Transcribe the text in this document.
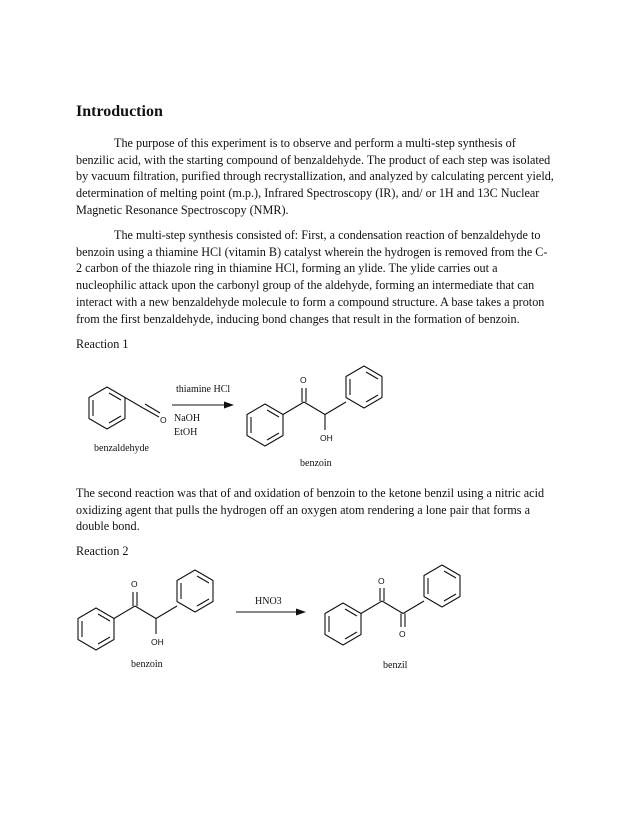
Introduction

The purpose of this experiment is to observe and perform a multi-step synthesis of
benzilic acid, with the starting compound of benzaldehyde. The product of each step was isolated
by vacuum filtration, purified through recrystallization, and analyzed by calculating percent yield,
determination of melting point (m.p.), Infrared Spectroscopy (IR), and/ or 1H and 13C Nuclear
Magnetic Resonance Spectroscopy (NMR).

The multi-step synthesis consisted of: First, a condensation reaction of benzaldehyde to
benzoin using a thiamine HCl (vitamin B) catalyst wherein the hydrogen is removed from the C-
2 carbon of the thiazole ring in thiamine HCl, forming an ylide. The ylide carries out a
nucleophilic attack upon the carbonyl group of the aldehyde, forming an intermediate that can
interact with a new benzaldehyde molecule to form a compound structure. A base takes a proton
from the first benzaldehyde, inducing bond changes that result in the formation of benzoin.

Reaction 1

O
benzaldehyde
thiamine HCl
NaOH
EtOH
O
OH
benzoin

The second reaction was that of and oxidation of benzoin to the ketone benzil using a nitric acid
oxidizing agent that pulls the hydrogen off an oxygen atom rendering a lone pair that forms a
double bond.

Reaction 2

O
OH
benzoin
HNO3
O
O
benzil
